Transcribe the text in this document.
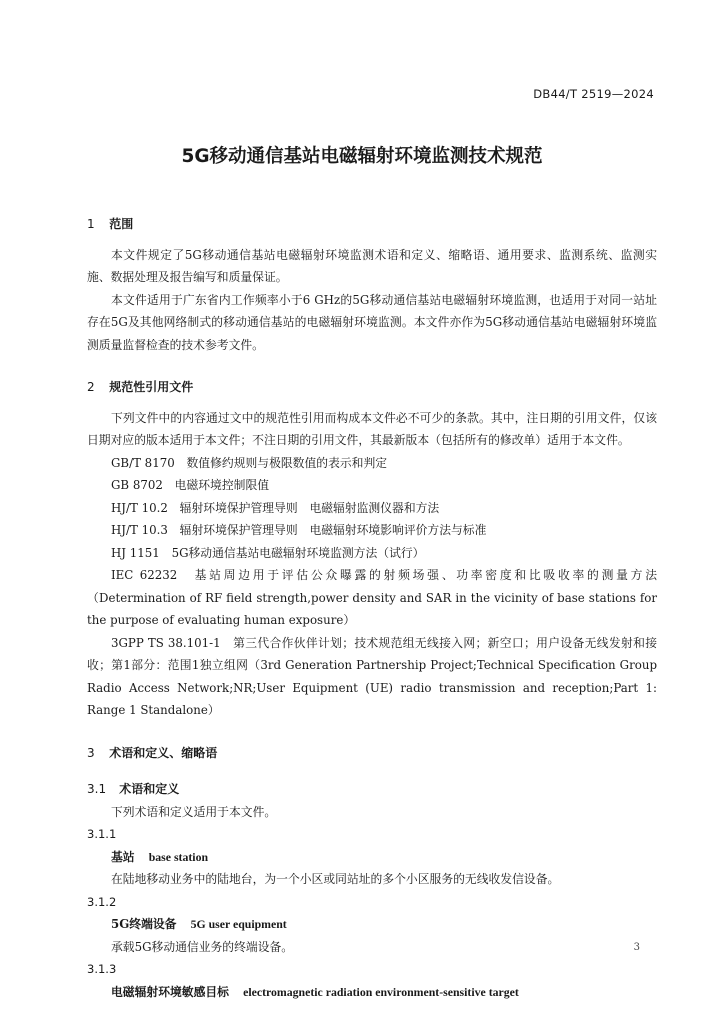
DB44/T 2519—2024
5G移动通信基站电磁辐射环境监测技术规范
1 范围

本文件规定了5G移动通信基站电磁辐射环境监测术语和定义、缩略语、通用要求、监测系统、监测实施、数据处理及报告编写和质量保证。

本文件适用于广东省内工作频率小于6 GHz的5G移动通信基站电磁辐射环境监测，也适用于对同一站址存在5G及其他网络制式的移动通信基站的电磁辐射环境监测。本文件亦作为5G移动通信基站电磁辐射环境监测质量监督检查的技术参考文件。

2 规范性引用文件

下列文件中的内容通过文中的规范性引用而构成本文件必不可少的条款。其中，注日期的引用文件，仅该日期对应的版本适用于本文件；不注日期的引用文件，其最新版本（包括所有的修改单）适用于本文件。

GB/T 8170　数值修约规则与极限数值的表示和判定

GB 8702　电磁环境控制限值

HJ/T 10.2　辐射环境保护管理导则　电磁辐射监测仪器和方法

HJ/T 10.3　辐射环境保护管理导则　电磁辐射环境影响评价方法与标准

HJ 1151　5G移动通信基站电磁辐射环境监测方法（试行）

IEC 62232　基站周边用于评估公众曝露的射频场强、功率密度和比吸收率的测量方法（Determination of RF field strength,power density and SAR in the vicinity of base stations for the purpose of evaluating human exposure）

3GPP TS 38.101-1　第三代合作伙伴计划；技术规范组无线接入网；新空口；用户设备无线发射和接收；第1部分：范围1独立组网（3rd Generation Partnership Project;Technical Specification Group Radio Access Network;NR;User Equipment (UE) radio transmission and reception;Part 1: Range 1 Standalone）

3 术语和定义、缩略语
3.1 术语和定义

下列术语和定义适用于本文件。

3.1.1

基站 base station

在陆地移动业务中的陆地台，为一个小区或同站址的多个小区服务的无线收发信设备。

3.1.2

5G终端设备 5G user equipment

承载5G移动通信业务的终端设备。

3.1.3

电磁辐射环境敏感目标 electromagnetic radiation environment-sensitive target

3
